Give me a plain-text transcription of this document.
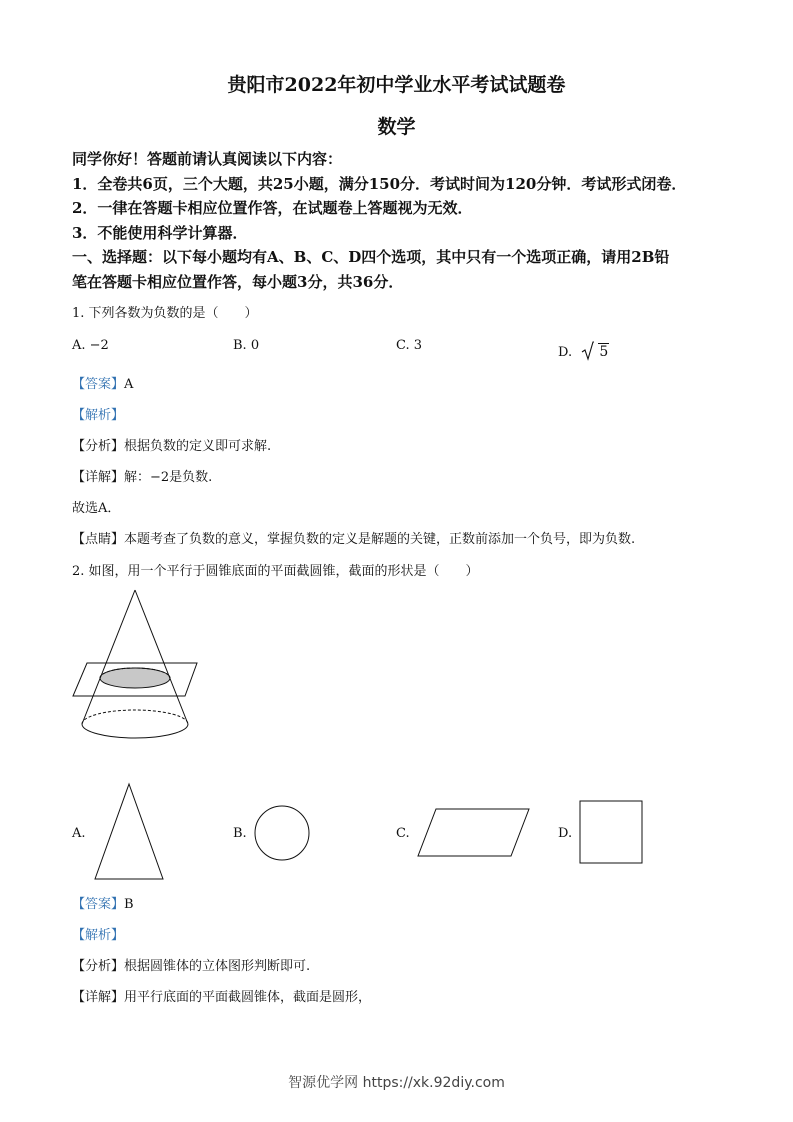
贵阳市2022年初中学业水平考试试题卷
数学
同学你好！答题前请认真阅读以下内容：
1．全卷共6页，三个大题，共25小题，满分150分．考试时间为120分钟．考试形式闭卷．
2．一律在答题卡相应位置作答，在试题卷上答题视为无效．
3．不能使用科学计算器．
一、选择题：以下每小题均有A、B、C、D四个选项，其中只有一个选项正确，请用2B铅
笔在答题卡相应位置作答，每小题3分，共36分．
1. 下列各数为负数的是（　　）
A. −2	B. 0	C. 3	D. 5
【答案】A
【解析】
【分析】根据负数的定义即可求解.
【详解】解：−2是负数.
故选A．
【点睛】本题考查了负数的意义，掌握负数的定义是解题的关键，正数前添加一个负号，即为负数.
2. 如图，用一个平行于圆锥底面的平面截圆锥，截面的形状是（　　）
A.	B.	C.	D.
【答案】B
【解析】
【分析】根据圆锥体的立体图形判断即可.
【详解】用平行底面的平面截圆锥体，截面是圆形，
智源优学网 https://xk.92diy.com
